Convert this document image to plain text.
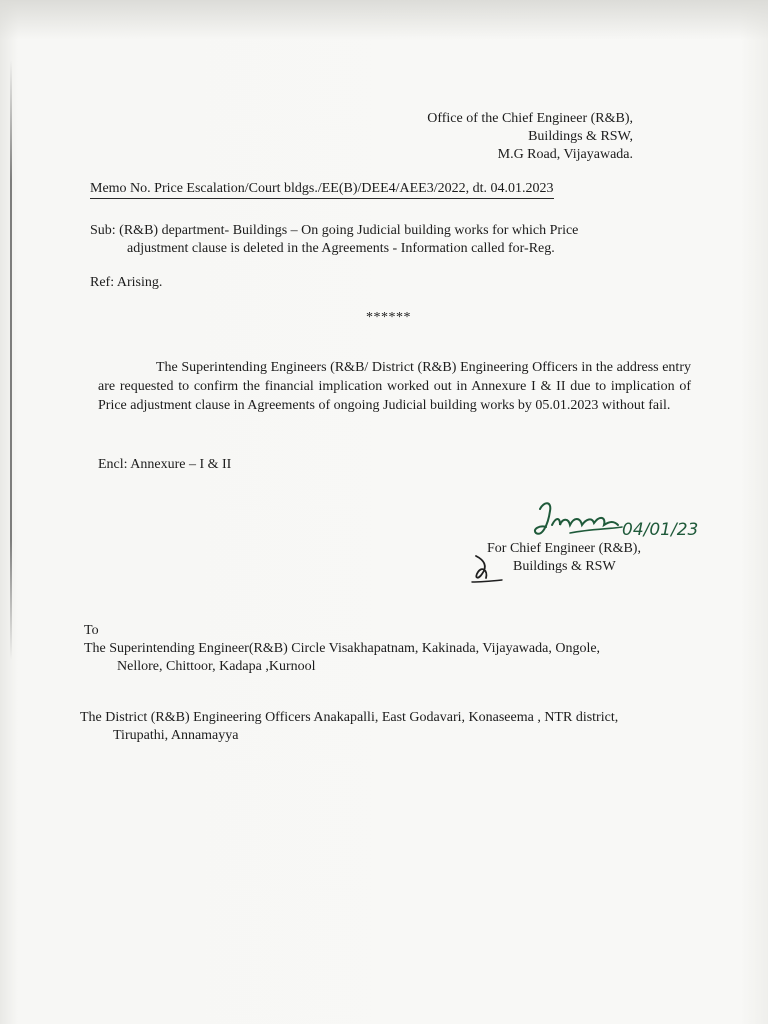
Office of the Chief Engineer (R&B),
Buildings & RSW,
M.G Road, Vijayawada.
Memo No. Price Escalation/Court bldgs./EE(B)/DEE4/AEE3/2022, dt. 04.01.2023
Sub: (R&B) department- Buildings – On going Judicial building works for which Price
adjustment clause is deleted in the Agreements - Information called for-Reg.
Ref: Arising.
******
The Superintending Engineers (R&B/ District (R&B) Engineering Officers in the address entry are requested to confirm the financial implication worked out in Annexure I & II due to implication of Price adjustment clause in Agreements of ongoing Judicial building works by 05.01.2023 without fail.
Encl: Annexure – I & II
04/01/23
For Chief Engineer (R&B),
Buildings & RSW
To
The Superintending Engineer(R&B) Circle Visakhapatnam, Kakinada, Vijayawada, Ongole,
Nellore, Chittoor, Kadapa ,Kurnool
The District (R&B) Engineering Officers Anakapalli, East Godavari, Konaseema , NTR district,
Tirupathi, Annamayya
